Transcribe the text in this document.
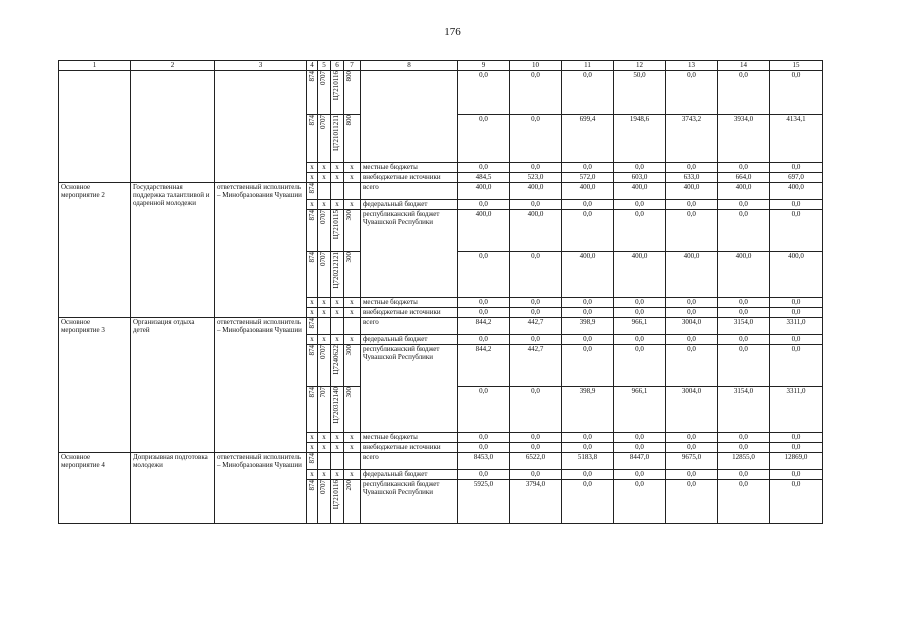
176
1	2	3	4	5	6	7	8	9	10	11	12	13	14	15
			874	0707	Ц7210116	800		0,0	0,0	0,0	50,0	0,0	0,0	0,0
			874	0707	Ц721011211	800		0,0	0,0	699,4	1948,6	3743,2	3934,0	4134,1
			x	x	x	x	местные бюджеты	0,0	0,0	0,0	0,0	0,0	0,0	0,0
			x	x	x	x	внебюджетные источники	484,5	523,0	572,0	603,0	633,0	664,0	697,0
Основное мероприятие 2	Государственная поддержка талантливой и одаренной молодежи	ответственный исполнитель – Минобразования Чувашии	874				всего	400,0	400,0	400,0	400,0	400,0	400,0	400,0
			x	x	x	x	федеральный бюджет	0,0	0,0	0,0	0,0	0,0	0,0	0,0
			874	0707	Ц7210115	300	республиканский бюджет Чувашской Республики	400,0	400,0	0,0	0,0	0,0	0,0	0,0
			874	0707	Ц720212121	300		0,0	0,0	400,0	400,0	400,0	400,0	400,0
			x	x	x	x	местные бюджеты	0,0	0,0	0,0	0,0	0,0	0,0	0,0
			x	x	x	x	внебюджетные источники	0,0	0,0	0,0	0,0	0,0	0,0	0,0
Основное мероприятие 3	Организация отдыха детей	ответственный исполнитель – Минобразования Чувашии	874				всего	844,2	442,7	398,9	966,1	3004,0	3154,0	3311,0
			x	x	x	x	федеральный бюджет	0,0	0,0	0,0	0,0	0,0	0,0	0,0
			874	0707	Ц7240622	300	республиканский бюджет Чувашской Республики	844,2	442,7	0,0	0,0	0,0	0,0	0,0
			874	707	Ц720312140	300		0,0	0,0	398,9	966,1	3004,0	3154,0	3311,0
			x	x	x	x	местные бюджеты	0,0	0,0	0,0	0,0	0,0	0,0	0,0
			x	x	x	x	внебюджетные источники	0,0	0,0	0,0	0,0	0,0	0,0	0,0
Основное мероприятие 4	Допризывная подготовка молодежи	ответственный исполнитель – Минобразования Чувашии	874				всего	8453,0	6522,0	5183,8	8447,0	9675,0	12855,0	12869,0
			x	x	x	x	федеральный бюджет	0,0	0,0	0,0	0,0	0,0	0,0	0,0
			874	0707	Ц7210116	200	республиканский бюджет Чувашской Республики	5925,0	3794,0	0,0	0,0	0,0	0,0	0,0
